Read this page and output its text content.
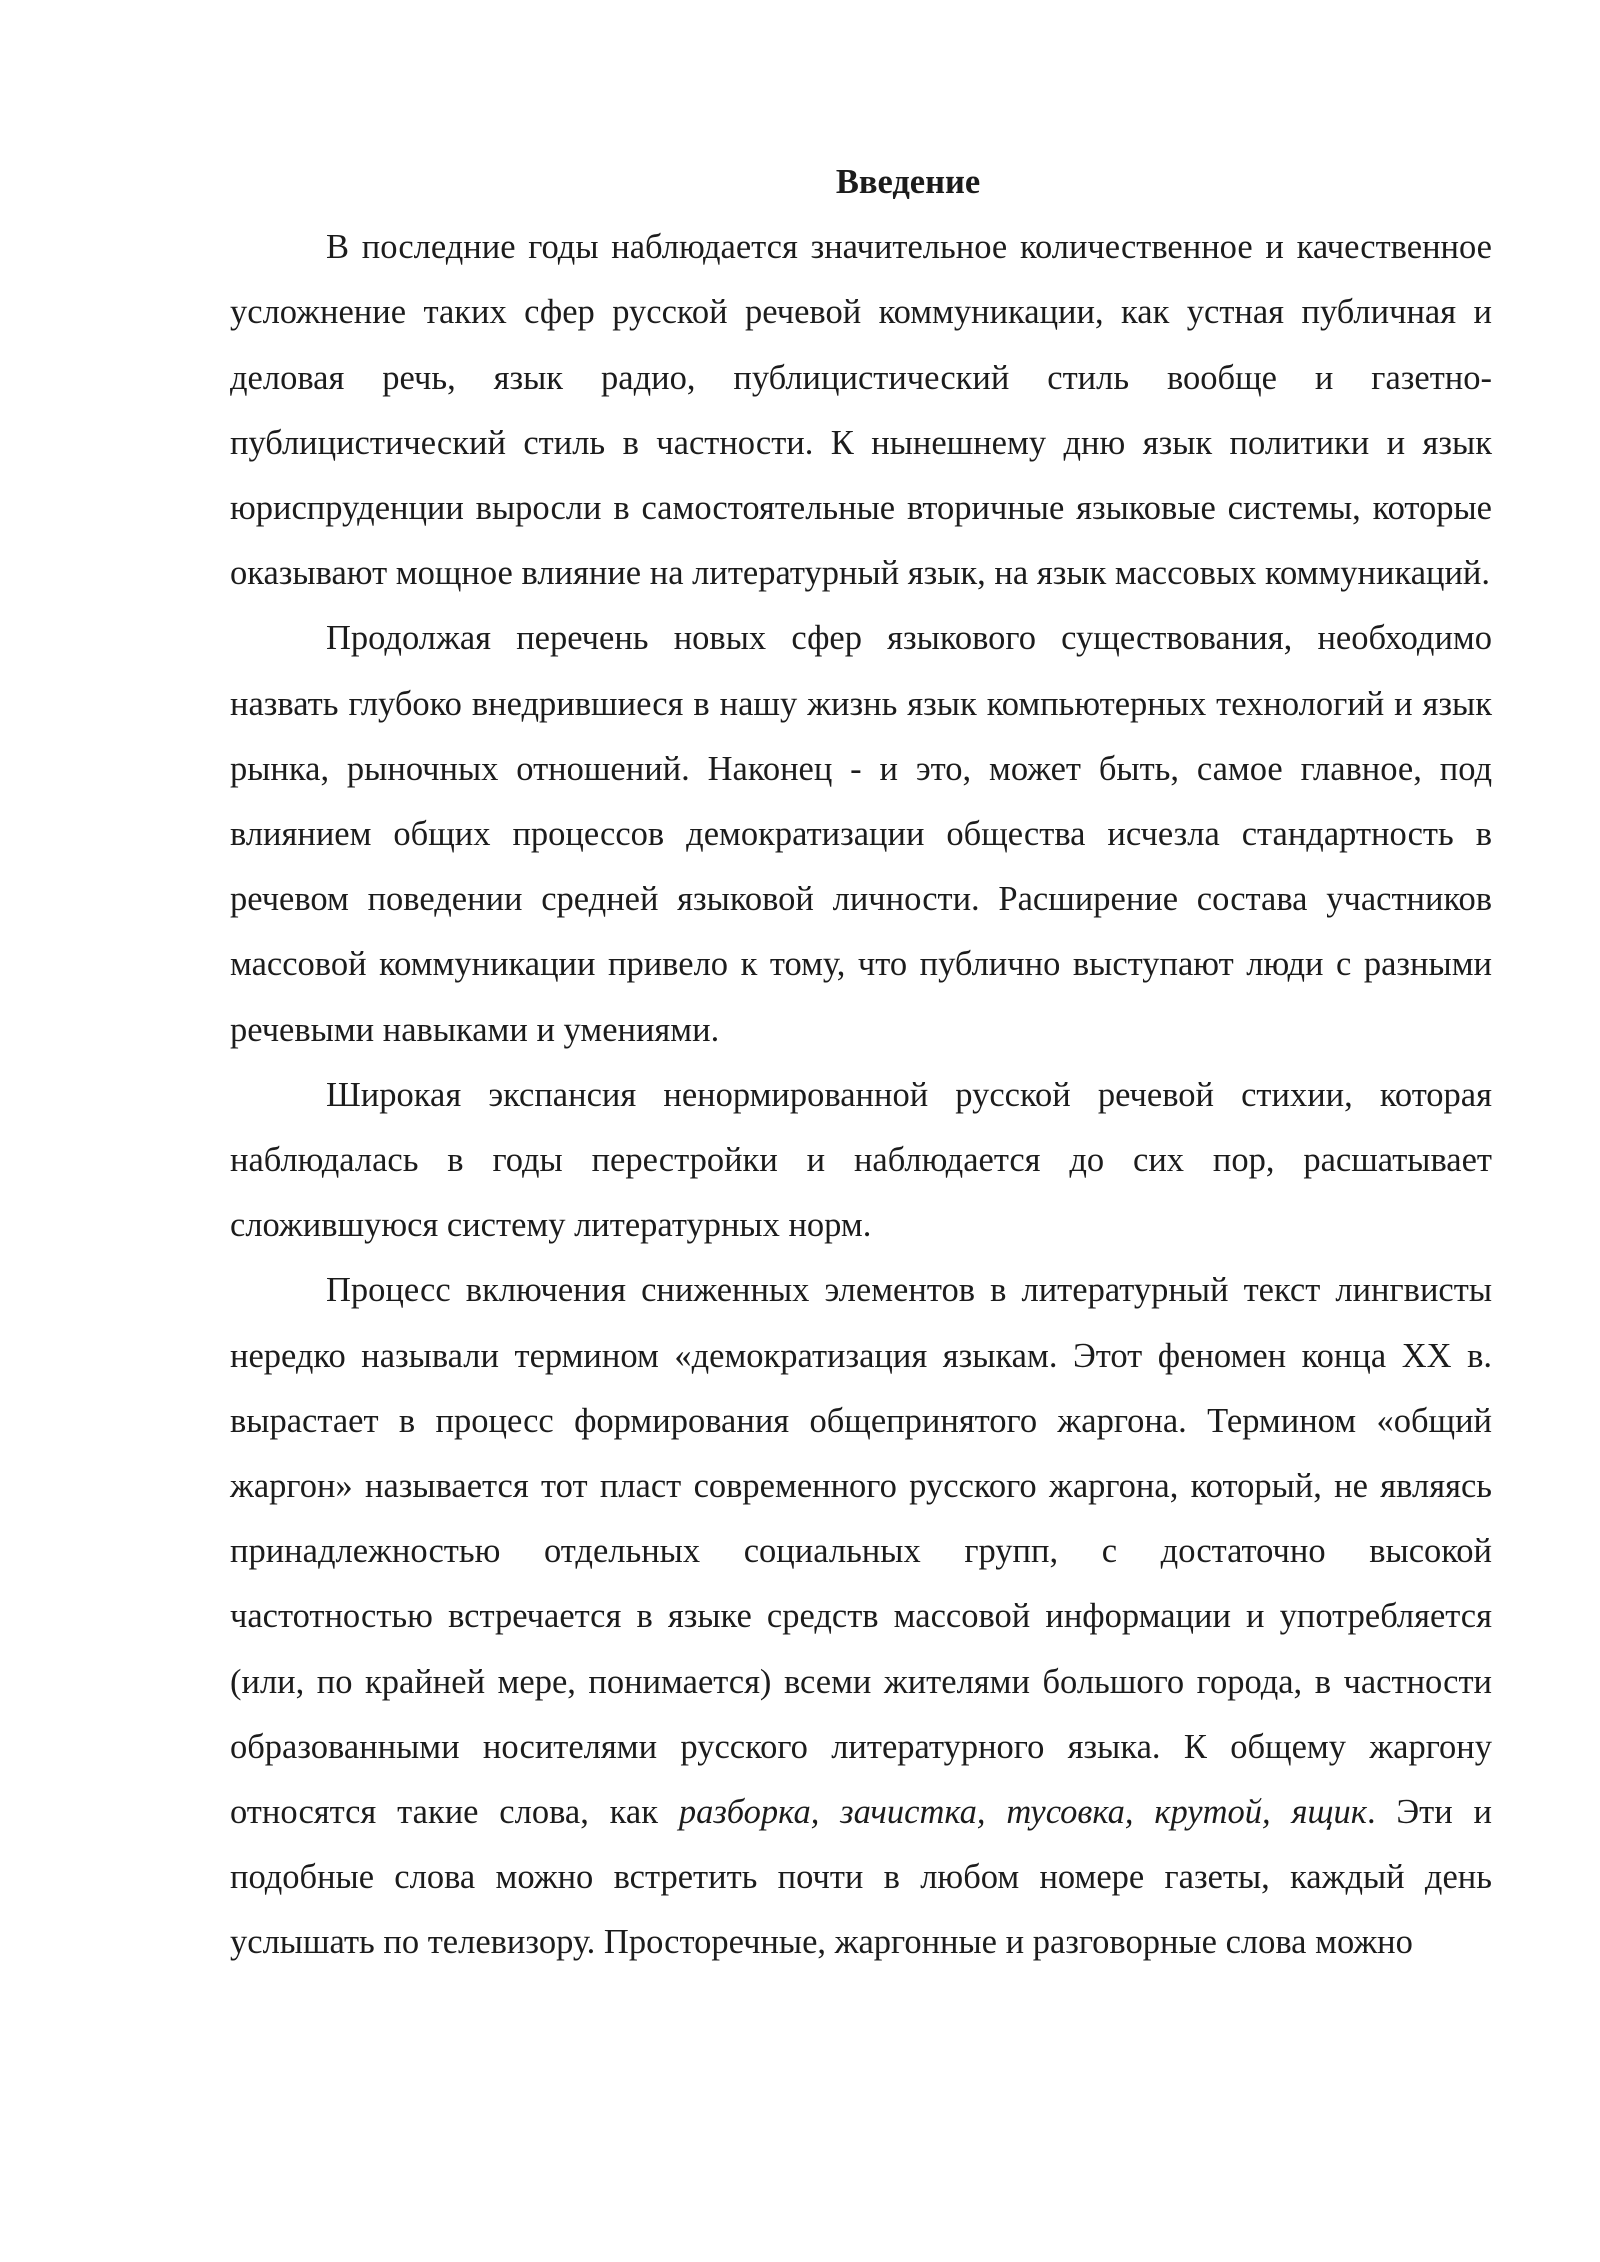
Введение

В последние годы наблюдается значительное количественное и качественное усложнение таких сфер русской речевой коммуникации, как устная публичная и деловая речь, язык радио, публицистический стиль вообще и газетно-публицистический стиль в частности. К нынешнему дню язык политики и язык юриспруденции выросли в самостоятельные вторичные языковые системы, которые оказывают мощное влияние на литературный язык, на язык массовых коммуникаций.

Продолжая перечень новых сфер языкового существования, необходимо назвать глубоко внедрившиеся в нашу жизнь язык компьютерных технологий и язык рынка, рыночных отношений. Наконец - и это, может быть, самое главное, под влиянием общих процессов демократизации общества исчезла стандартность в речевом поведении средней языковой личности. Расширение состава участников массовой коммуникации привело к тому, что публично выступают люди с разными речевыми навыками и умениями.

Широкая экспансия ненормированной русской речевой стихии, которая наблюдалась в годы перестройки и наблюдается до сих пор, расшатывает сложившуюся систему литературных норм.

Процесс включения сниженных элементов в литературный текст лингвисты нередко называли термином «демократизация языкам. Этот феномен конца XX в. вырастает в процесс формирования общепринятого жаргона. Термином «общий жаргон» называется тот пласт современного русского жаргона, который, не являясь принадлежностью отдельных социальных групп, с достаточно высокой частотностью встречается в языке средств массовой информации и употребляется (или, по крайней мере, понимается) всеми жителями большого города, в частности образованными носителями русского литературного языка. К общему жаргону относятся такие слова, как разборка, зачистка, тусовка, крутой, ящик. Эти и подобные слова можно встретить почти в любом номере газеты, каждый день услышать по телевизору. Просторечные, жаргонные и разговорные слова можно
